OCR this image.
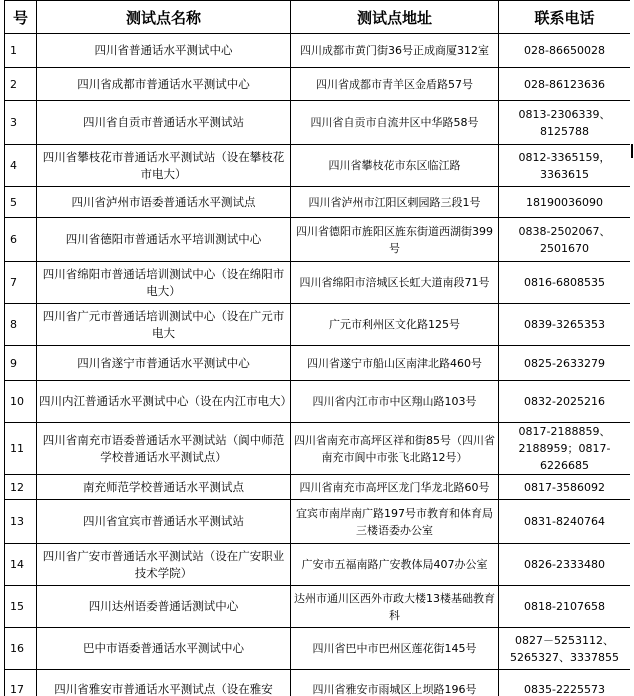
号	测试点名称	测试点地址	联系电话
1	四川省普通话水平测试中心	四川成都市黄门街36号正成商厦312室	028-86650028
2	四川省成都市普通话水平测试中心	四川省成都市青羊区金盾路57号	028-86123636
3	四川省自贡市普通话水平测试站	四川省自贡市自流井区中华路58号	0813-2306339、8125788
4	四川省攀枝花市普通话水平测试站（设在攀枝花市电大）	四川省攀枝花市东区临江路	0812-3365159，3363615
5	四川省泸州市语委普通话水平测试点	四川省泸州市江阳区剌园路三段1号	18190036090
6	四川省德阳市普通话水平培训测试中心	四川省德阳市旌阳区旌东街道西湖街399号	0838-2502067、2501670
7	四川省绵阳市普通话培训测试中心（设在绵阳市电大）	四川省绵阳市涪城区长虹大道南段71号	0816-6808535
8	四川省广元市普通话培训测试中心（设在广元市电大	广元市利州区文化路125号	0839-3265353
9	四川省遂宁市普通话水平测试中心	四川省遂宁市船山区南津北路460号	0825-2633279
10	四川内江普通话水平测试中心（设在内江市电大）	四川省内江市市中区翔山路103号	0832-2025216
11	四川省南充市语委普通话水平测试站（阆中师范学校普通话水平测试点）	四川省南充市高坪区祥和街85号（四川省南充市阆中市张飞北路12号）	0817-2188859、2188959；0817-6226685
12	南充师范学校普通话水平测试点	四川省南充市高坪区龙门华龙北路60号	0817-3586092
13	四川省宜宾市普通话水平测试站	宜宾市南岸南广路197号市教育和体育局三楼语委办公室	0831-8240764
14	四川省广安市普通话水平测试站（设在广安职业技术学院）	广安市五福南路广安教体局407办公室	0826-2333480
15	四川达州语委普通话测试中心	达州市通川区西外市政大楼13楼基础教育科	0818-2107658
16	巴中市语委普通话水平测试中心	四川省巴中市巴州区莲花街145号	0827－5253112、5265327、3337855
17	四川省雅安市普通话水平测试点（设在雅安	四川省雅安市雨城区上坝路196号	0835-2225573
